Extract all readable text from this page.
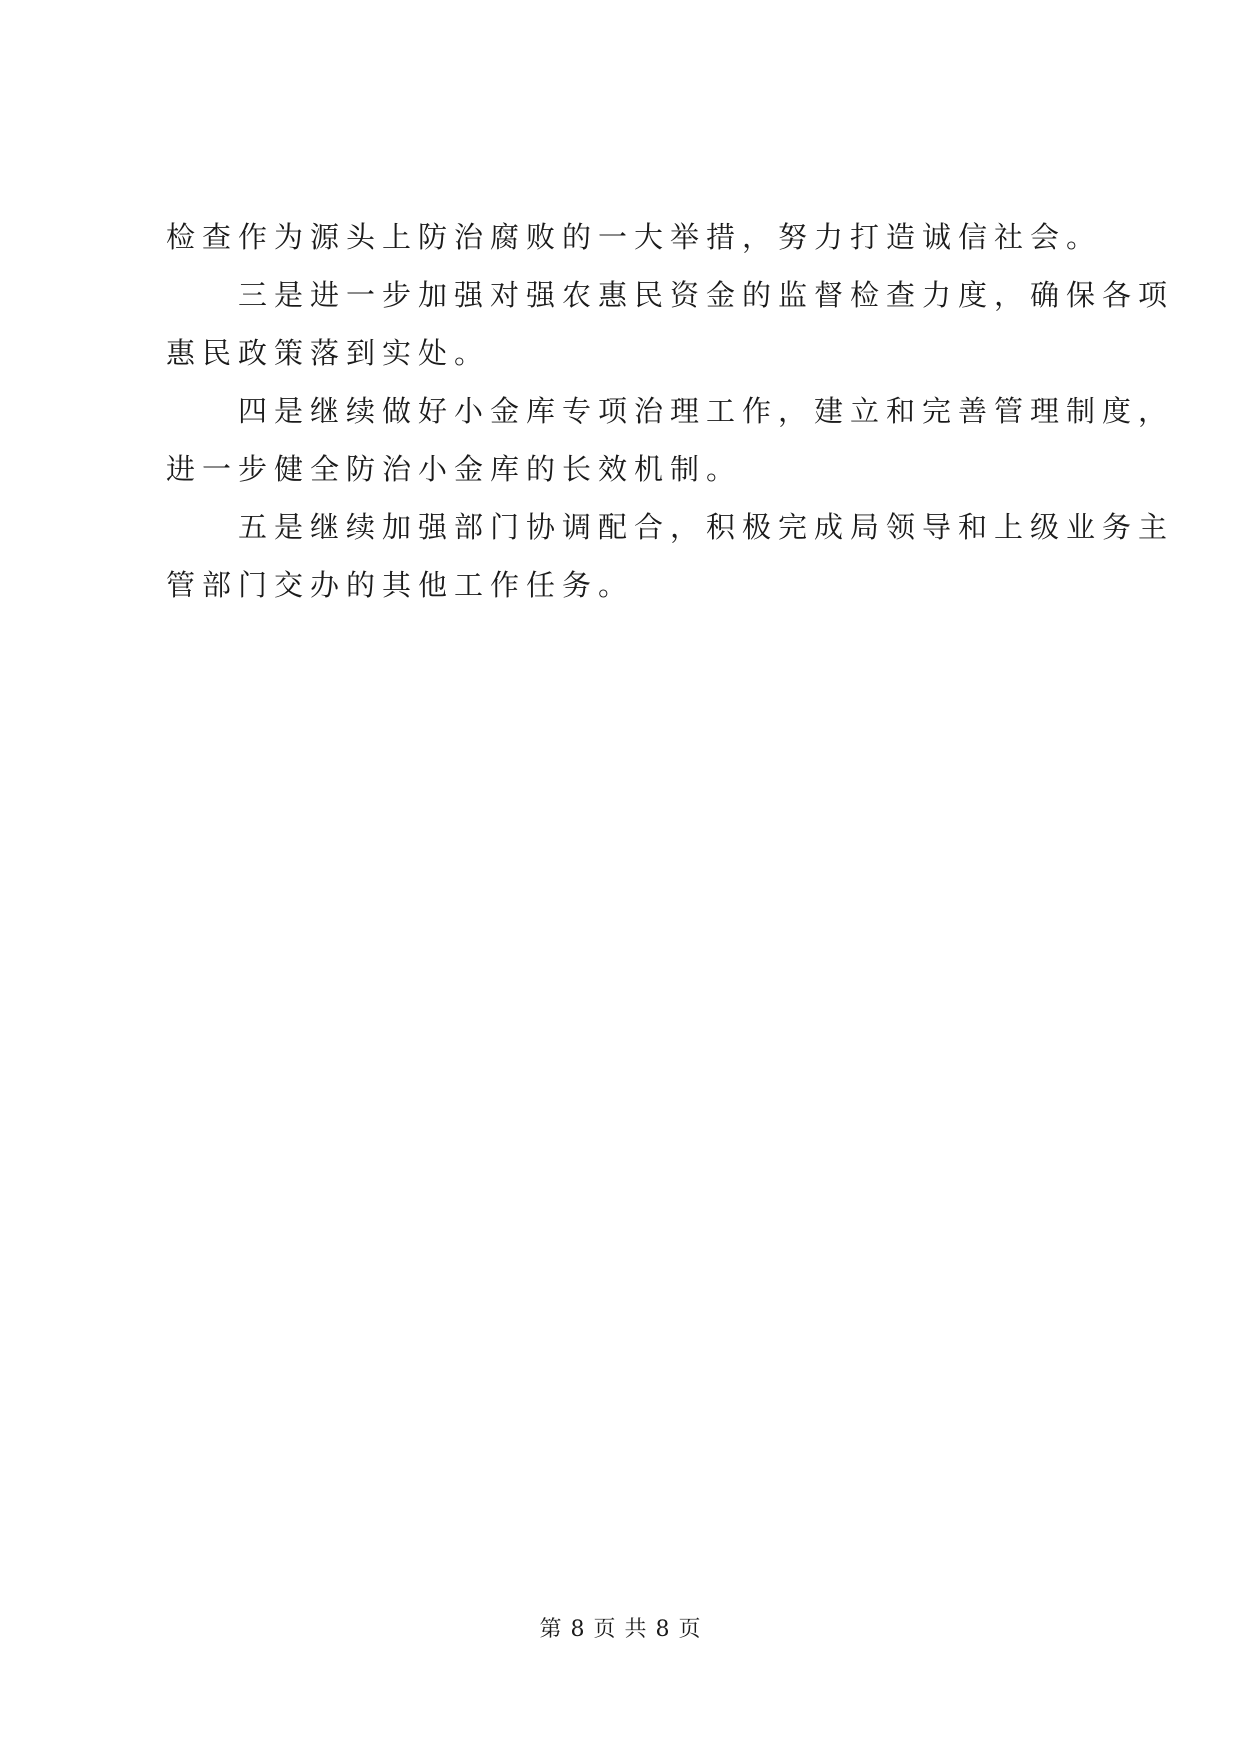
检查作为源头上防治腐败的一大举措，努力打造诚信社会。
三是进一步加强对强农惠民资金的监督检查力度，确保各项
惠民政策落到实处。
四是继续做好小金库专项治理工作，建立和完善管理制度，
进一步健全防治小金库的长效机制。
五是继续加强部门协调配合，积极完成局领导和上级业务主
管部门交办的其他工作任务。
第 8 页 共 8 页
